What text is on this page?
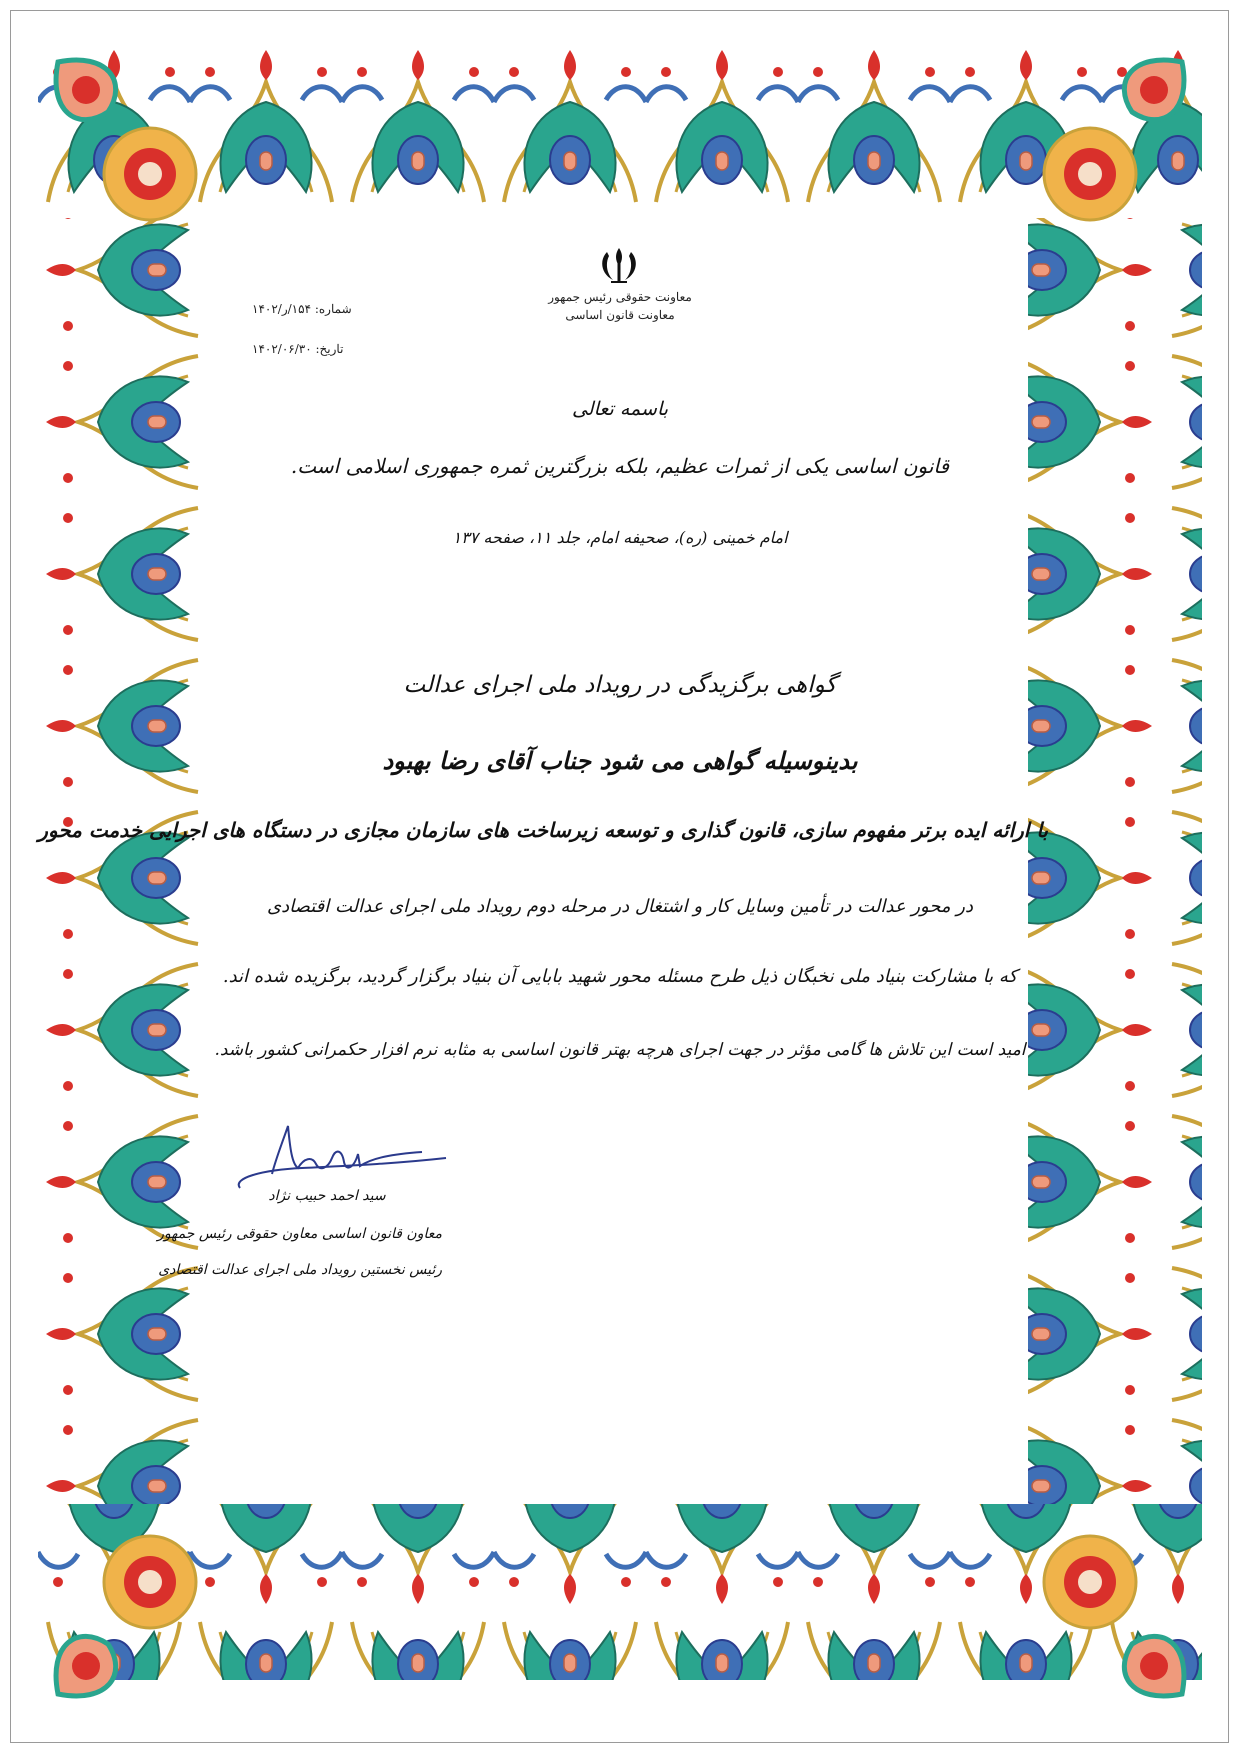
معاونت حقوقی رئیس جمهور
معاونت قانون اساسی
شماره: ۱۵۴/ر/۱۴۰۲
تاریخ: ۱۴۰۲/۰۶/۳۰
باسمه تعالی
قانون اساسی یکی از ثمرات عظیم، بلکه بزرگترین ثمره جمهوری اسلامی است.
امام خمینی (ره)، صحیفه امام، جلد ۱۱، صفحه ۱۳۷
گواهی برگزیدگی در رویداد ملی اجرای عدالت
بدینوسیله گواهی می شود جناب آقای رضا بهبود
با ارائه ایده برتر مفهوم سازی، قانون گذاری و توسعه زیرساخت های سازمان مجازی در دستگاه های اجرایی خدمت محور
در محور عدالت در تأمین وسایل کار و اشتغال در مرحله دوم رویداد ملی اجرای عدالت اقتصادی
که با مشارکت بنیاد ملی نخبگان ذیل طرح مسئله محور شهید بابایی آن بنیاد برگزار گردید، برگزیده شده اند.
امید است این تلاش ها گامی مؤثر در جهت اجرای هرچه بهتر قانون اساسی به مثابه نرم افزار حکمرانی کشور باشد.
سید احمد حبیب نژاد
معاون قانون اساسی معاون حقوقی رئیس جمهور
رئیس نخستین رویداد ملی اجرای عدالت اقتصادی
